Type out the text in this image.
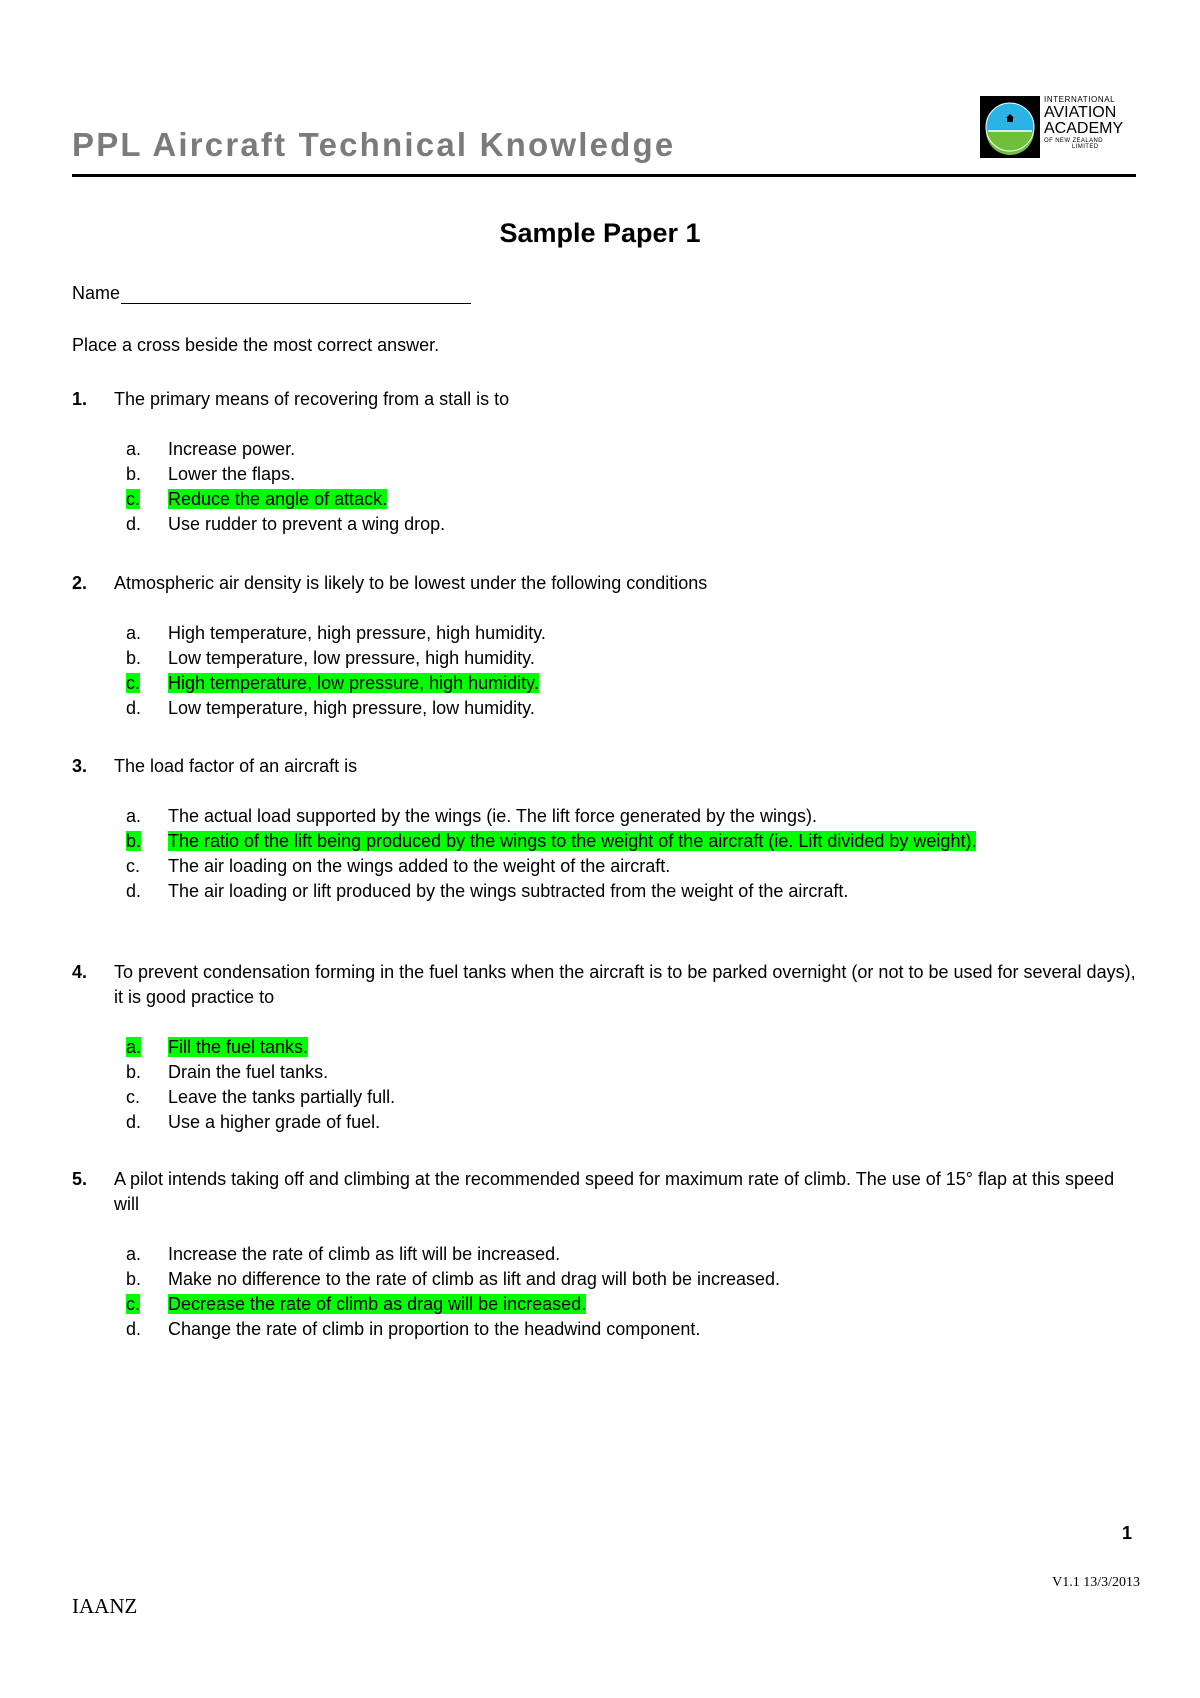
PPL Aircraft Technical Knowledge
INTERNATIONAL
AVIATION
ACADEMY
OF NEW ZEALAND
LIMITED
Sample Paper 1
Name
Place a cross beside the most correct answer.
1.	The primary means of recovering from a stall is to
a.	Increase power.
b.	Lower the flaps.
c.	Reduce the angle of attack.
d.	Use rudder to prevent a wing drop.
2.	Atmospheric air density is likely to be lowest under the following conditions
a.	High temperature, high pressure, high humidity.
b.	Low temperature, low pressure, high humidity.
c.	High temperature, low pressure, high humidity.
d.	Low temperature, high pressure, low humidity.
3.	The load factor of an aircraft is
a.	The actual load supported by the wings (ie. The lift force generated by the wings).
b.	The ratio of the lift being produced by the wings to the weight of the aircraft (ie. Lift divided by weight).
c.	The air loading on the wings added to the weight of the aircraft.
d.	The air loading or lift produced by the wings subtracted from the weight of the aircraft.
4.	To prevent condensation forming in the fuel tanks when the aircraft is to be parked overnight (or not to be used for several days), it is good practice to
a.	Fill the fuel tanks.
b.	Drain the fuel tanks.
c.	Leave the tanks partially full.
d.	Use a higher grade of fuel.
5.	A pilot intends taking off and climbing at the recommended speed for maximum rate of climb. The use of 15° flap at this speed will
a.	Increase the rate of climb as lift will be increased.
b.	Make no difference to the rate of climb as lift and drag will both be increased.
c.	Decrease the rate of climb as drag will be increased.
d.	Change the rate of climb in proportion to the headwind component.
1
V1.1 13/3/2013
IAANZ
